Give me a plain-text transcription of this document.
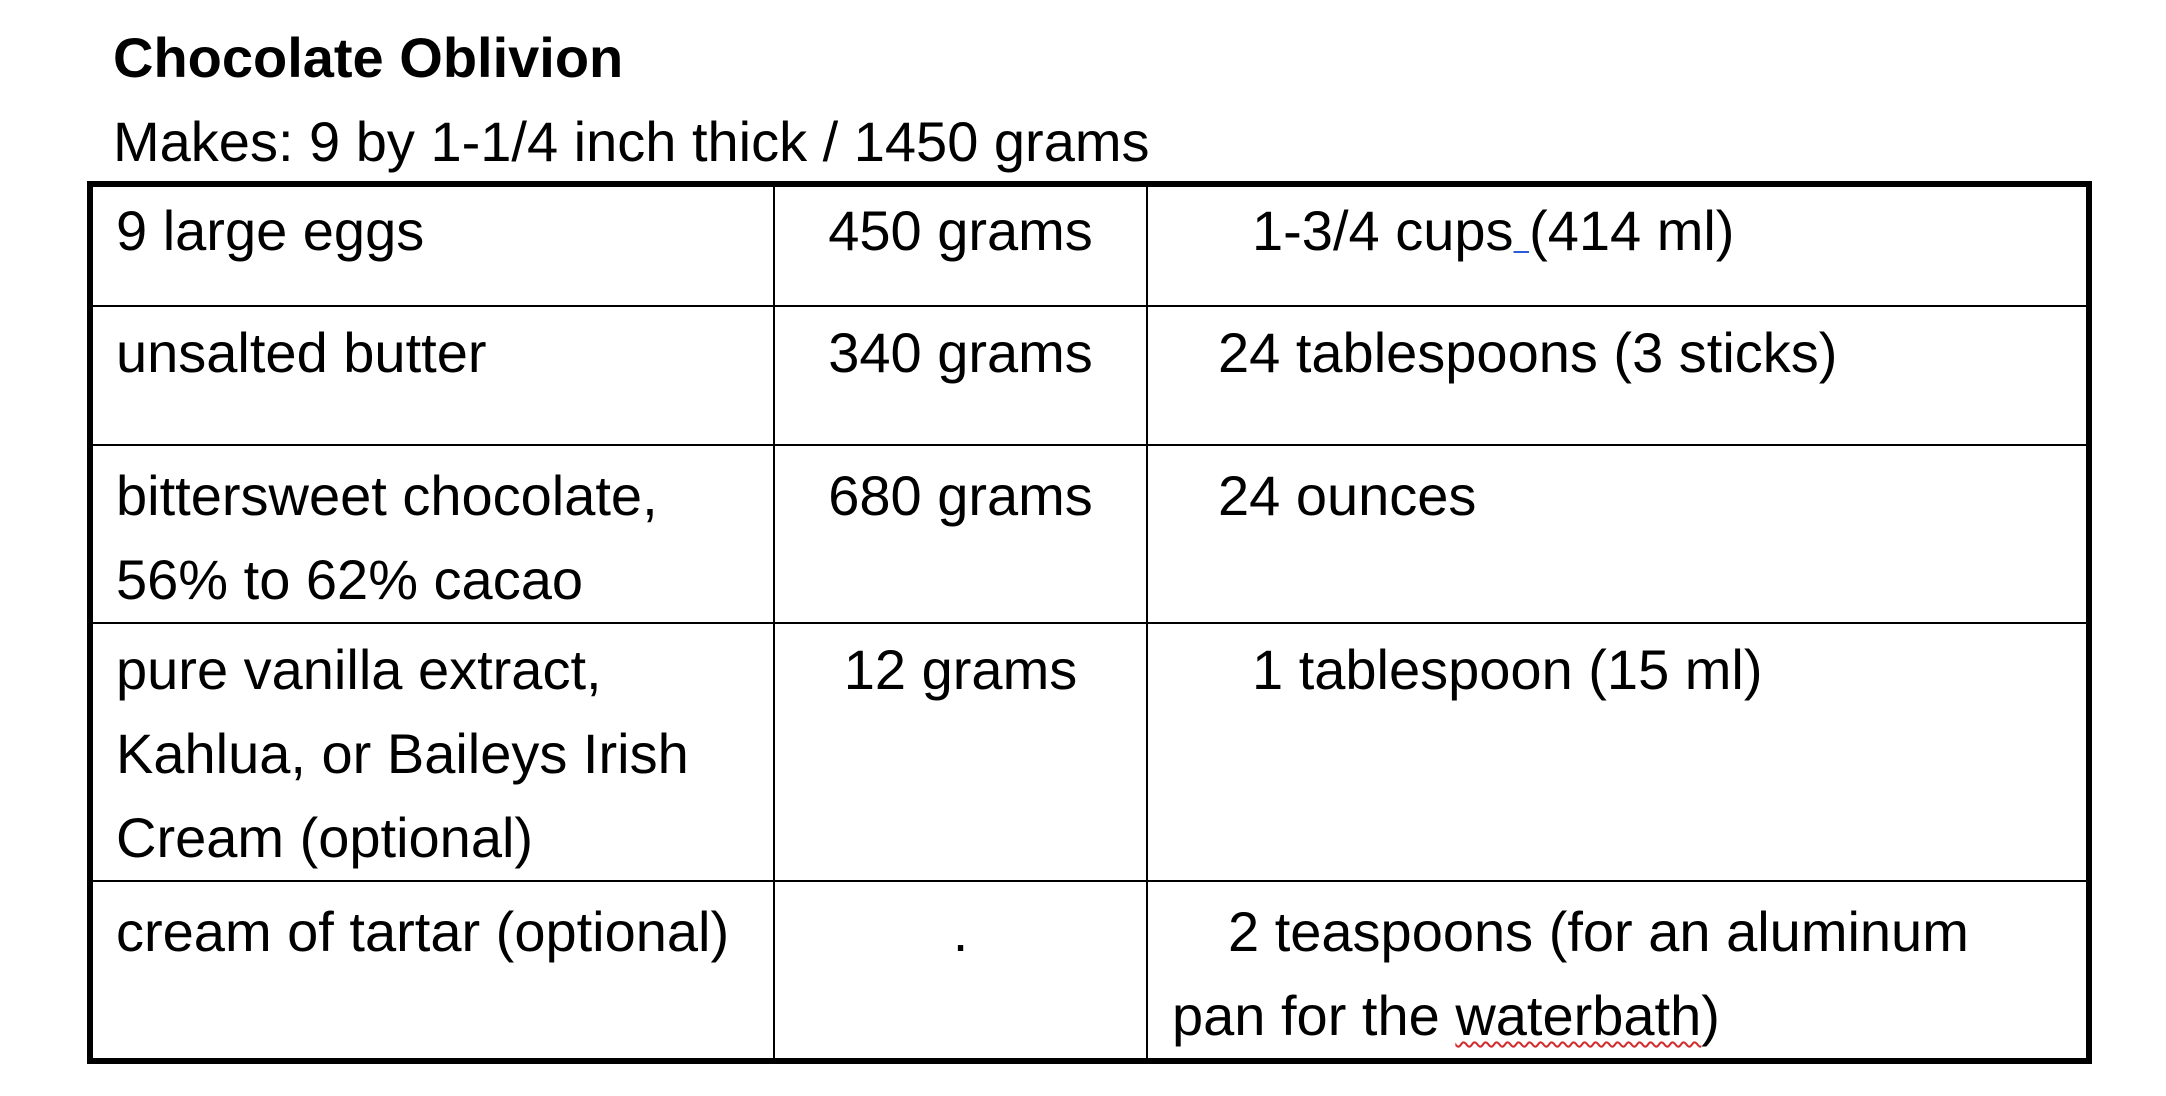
Chocolate Oblivion
Makes: 9 by 1-1/4 inch thick / 1450 grams
9 large eggs	450 grams	1-3/4 cups (414 ml)
unsalted butter	340 grams	24 tablespoons (3 sticks)
bittersweet chocolate, 56% to 62% cacao	680 grams	24 ounces
pure vanilla extract, Kahlua, or Baileys Irish Cream (optional)	12 grams	1 tablespoon (15 ml)
cream of tartar (optional)	.	2 teaspoons (for an aluminum pan for the waterbath)
